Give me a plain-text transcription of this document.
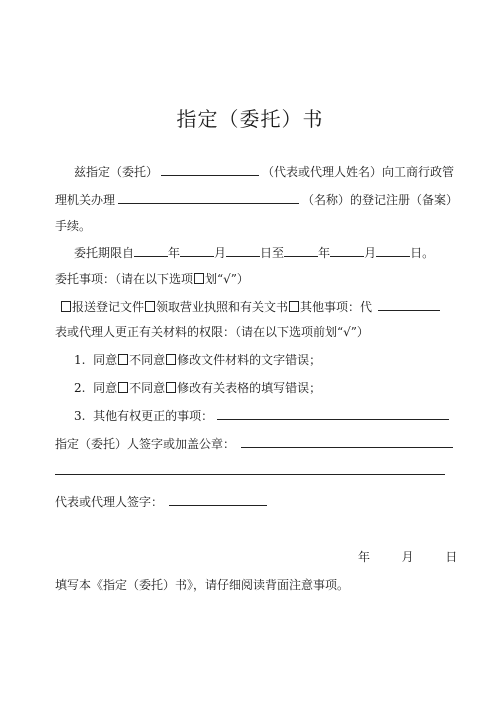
指定（委托）书
兹指定（委托）	（代表或代理人姓名）向工商行政管
理机关办理	（名称）的登记注册（备案）
手续。
委托期限自	年	月	日至	年	月	日。
委托事项：（请在以下选项 划“√”）
报送登记文件 领取营业执照和有关文书 其他事项：代
表或代理人更正有关材料的权限：（请在以下选项前划“√”）
1. 同意 不同意 修改文件材料的文字错误；
2. 同意 不同意 修改有关表格的填写错误；
3. 其他有权更正的事项：
指定（委托）人签字或加盖公章：
代表或代理人签字：
年	月	日
填写本《指定（委托）书》，请仔细阅读背面注意事项。
